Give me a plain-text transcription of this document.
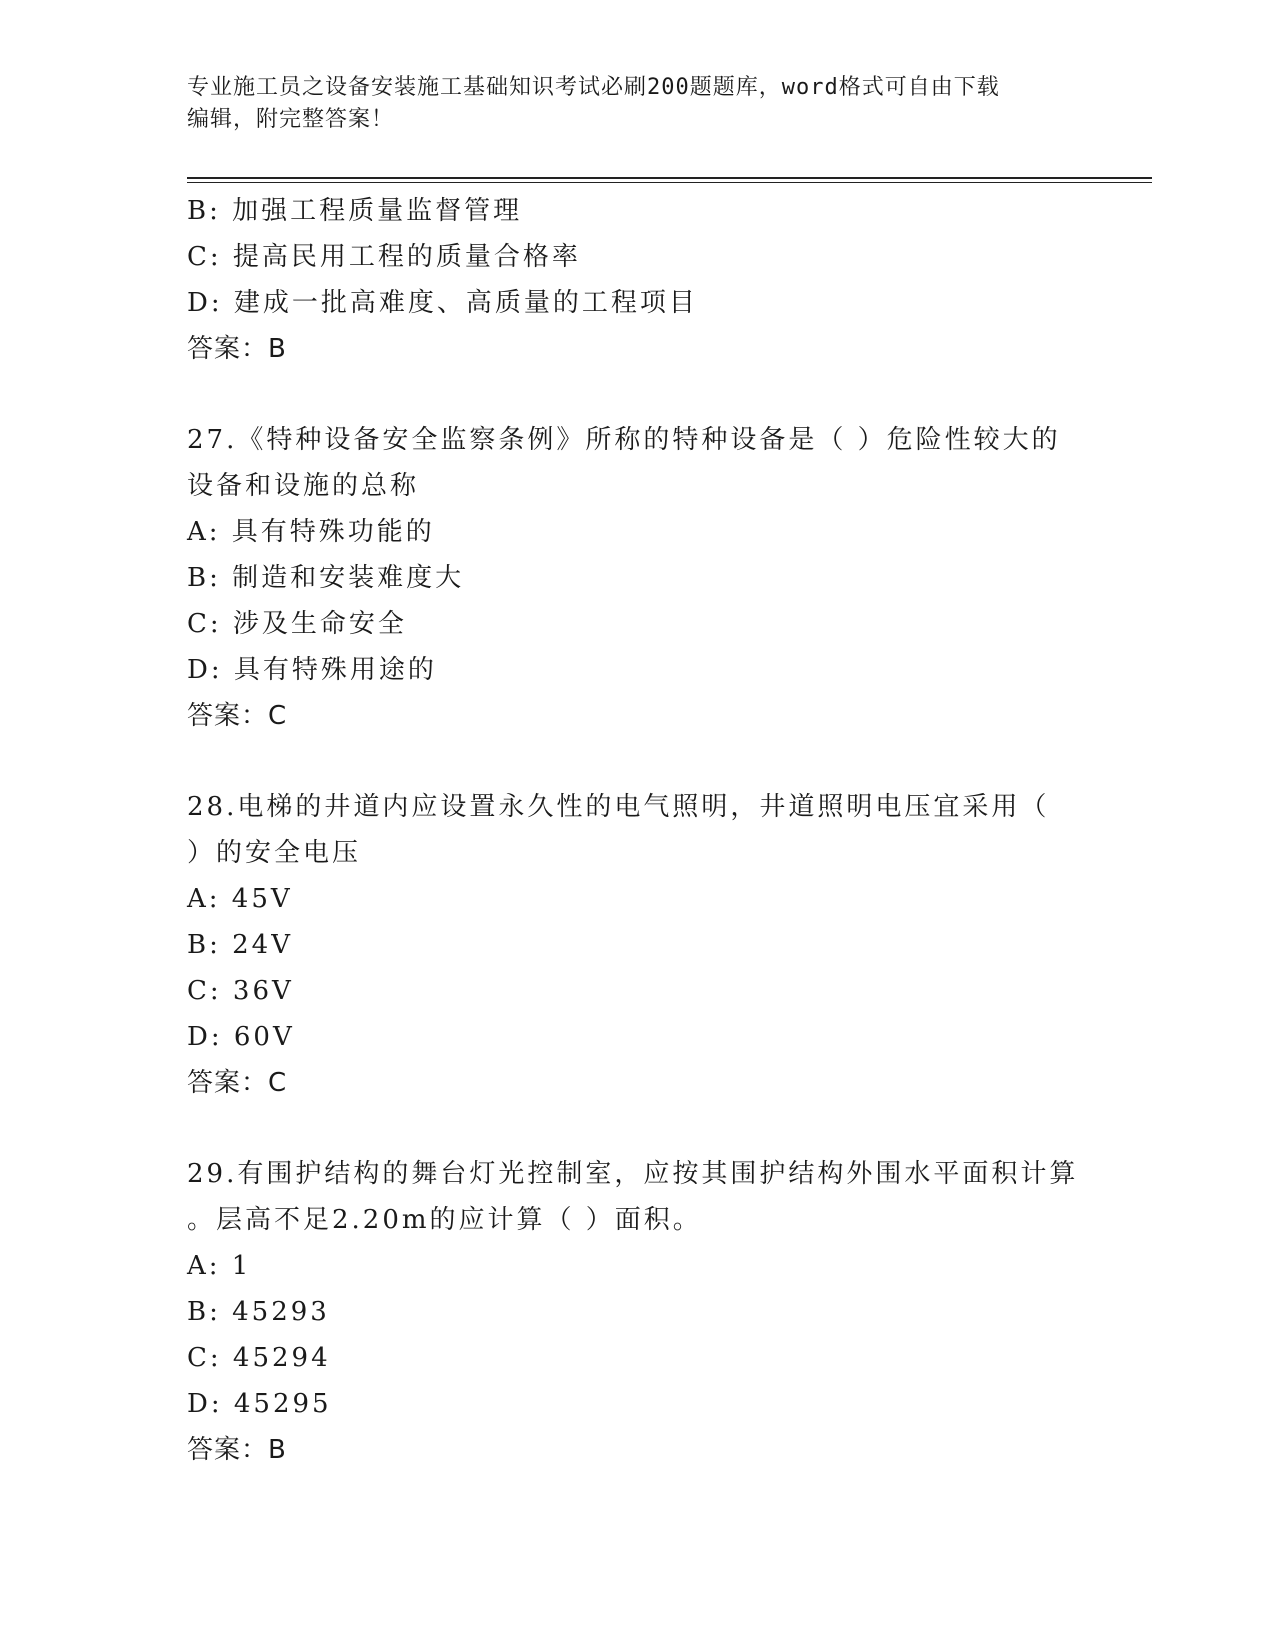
专业施工员之设备安装施工基础知识考试必刷200题题库，word格式可自由下载
编辑，附完整答案！
B: 加强工程质量监督管理
C: 提高民用工程的质量合格率
D: 建成一批高难度、高质量的工程项目
答案：B
27.《特种设备安全监察条例》所称的特种设备是（ ）危险性较大的
设备和设施的总称
A: 具有特殊功能的
B: 制造和安装难度大
C: 涉及生命安全
D: 具有特殊用途的
答案：C
28.电梯的井道内应设置永久性的电气照明，井道照明电压宜采用（
）的安全电压
A: 45V
B: 24V
C: 36V
D: 60V
答案：C
29.有围护结构的舞台灯光控制室，应按其围护结构外围水平面积计算
。层高不足2.20m的应计算（ ）面积。
A: 1
B: 45293
C: 45294
D: 45295
答案：B
